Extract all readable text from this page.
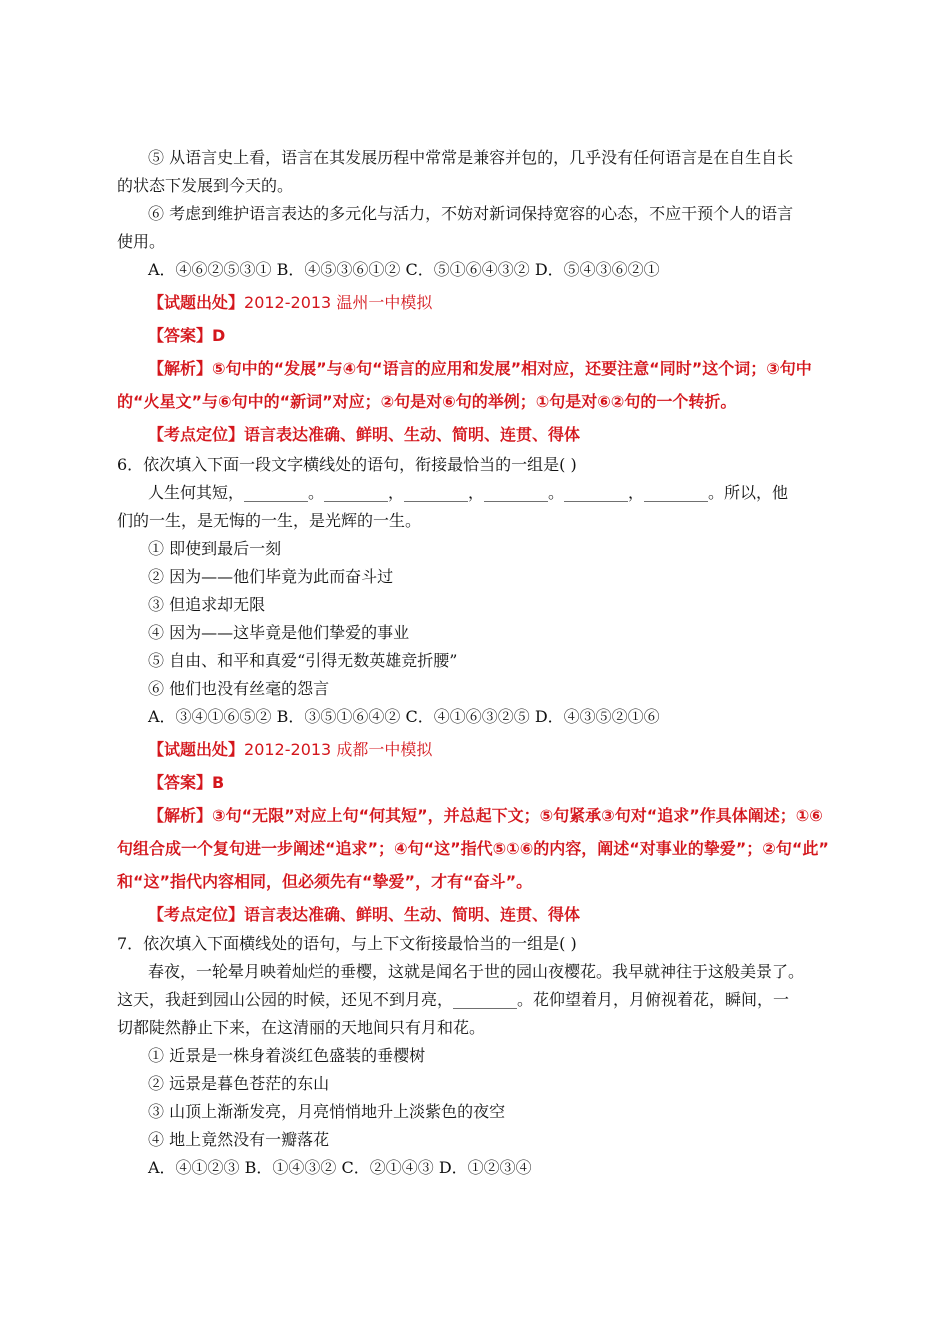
⑤ 从语言史上看，语言在其发展历程中常常是兼容并包的，几乎没有任何语言是在自生自长
的状态下发展到今天的。
⑥ 考虑到维护语言表达的多元化与活力，不妨对新词保持宽容的心态，不应干预个人的语言
使用。
A．④⑥②⑤③① B．④⑤③⑥①② C．⑤①⑥④③② D．⑤④③⑥②①
【试题出处】2012-2013 温州一中模拟
【答案】D
【解析】⑤句中的“发展”与④句“语言的应用和发展”相对应，还要注意“同时”这个词；③句中
的“火星文”与⑥句中的“新词”对应；②句是对⑥句的举例；①句是对⑥②句的一个转折。
【考点定位】语言表达准确、鲜明、生动、简明、连贯、得体
6．依次填入下面一段文字横线处的语句，衔接最恰当的一组是( )
人生何其短，________。________，________，________。________，________。所以，他
们的一生，是无悔的一生，是光辉的一生。
① 即使到最后一刻
② 因为——他们毕竟为此而奋斗过
③ 但追求却无限
④ 因为——这毕竟是他们挚爱的事业
⑤ 自由、和平和真爱“引得无数英雄竞折腰”
⑥ 他们也没有丝毫的怨言
A．③④①⑥⑤② B．③⑤①⑥④② C．④①⑥③②⑤ D．④③⑤②①⑥
【试题出处】2012-2013 成都一中模拟
【答案】B
【解析】③句“无限”对应上句“何其短”，并总起下文；⑤句紧承③句对“追求”作具体阐述；①⑥
句组合成一个复句进一步阐述“追求”；④句“这”指代⑤①⑥的内容，阐述“对事业的挚爱”；②句“此”
和“这”指代内容相同，但必须先有“挚爱”，才有“奋斗”。
【考点定位】语言表达准确、鲜明、生动、简明、连贯、得体
7．依次填入下面横线处的语句，与上下文衔接最恰当的一组是( )
春夜，一轮晕月映着灿烂的垂樱，这就是闻名于世的园山夜樱花。我早就神往于这般美景了。
这天，我赶到园山公园的时候，还见不到月亮，________。花仰望着月，月俯视着花，瞬间，一
切都陡然静止下来，在这清丽的天地间只有月和花。
① 近景是一株身着淡红色盛装的垂樱树
② 远景是暮色苍茫的东山
③ 山顶上渐渐发亮，月亮悄悄地升上淡紫色的夜空
④ 地上竟然没有一瓣落花
A．④①②③ B．①④③② C．②①④③ D．①②③④
